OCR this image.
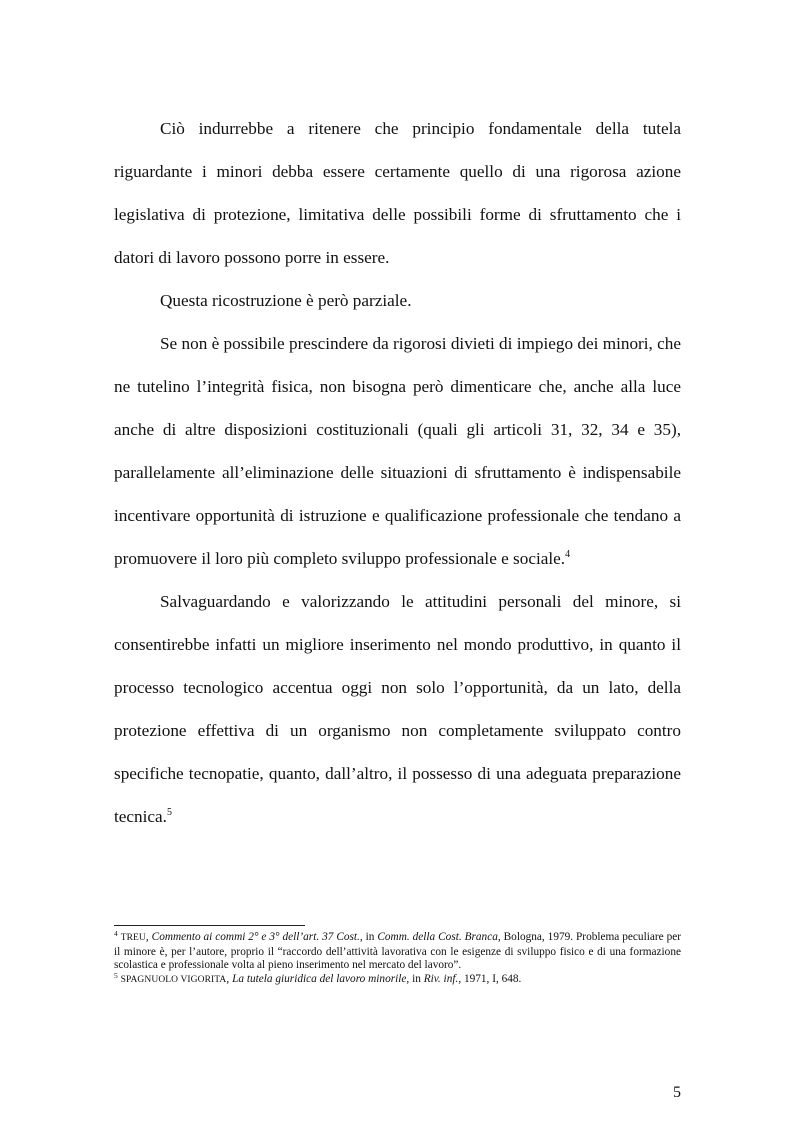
Ciò indurrebbe a ritenere che principio fondamentale della tutela riguardante i minori debba essere certamente quello di una rigorosa azione legislativa di protezione, limitativa delle possibili forme di sfruttamento che i datori di lavoro possono porre in essere.

Questa ricostruzione è però parziale.

Se non è possibile prescindere da rigorosi divieti di impiego dei minori, che ne tutelino l’integrità fisica, non bisogna però dimenticare che, anche alla luce anche di altre disposizioni costituzionali (quali gli articoli 31, 32, 34 e 35), parallelamente all’eliminazione delle situazioni di sfruttamento è indispensabile incentivare opportunità di istruzione e qualificazione professionale che tendano a promuovere il loro più completo sviluppo professionale e sociale.$^4$

Salvaguardando e valorizzando le attitudini personali del minore, si consentirebbe infatti un migliore inserimento nel mondo produttivo, in quanto il processo tecnologico accentua oggi non solo l’opportunità, da un lato, della protezione effettiva di un organismo non completamente sviluppato contro specifiche tecnopatie, quanto, dall’altro, il possesso di una adeguata preparazione tecnica.$^5$

$^4$ TREU, Commento ai commi 2° e 3° dell’art. 37 Cost., in Comm. della Cost. Branca, Bologna, 1979. Problema peculiare per il minore è, per l’autore, proprio il “raccordo dell’attività lavorativa con le esigenze di sviluppo fisico e di una formazione scolastica e professionale volta al pieno inserimento nel mercato del lavoro”.

$^5$ SPAGNUOLO VIGORITA, La tutela giuridica del lavoro minorile, in Riv. inf., 1971, I, 648.

5
